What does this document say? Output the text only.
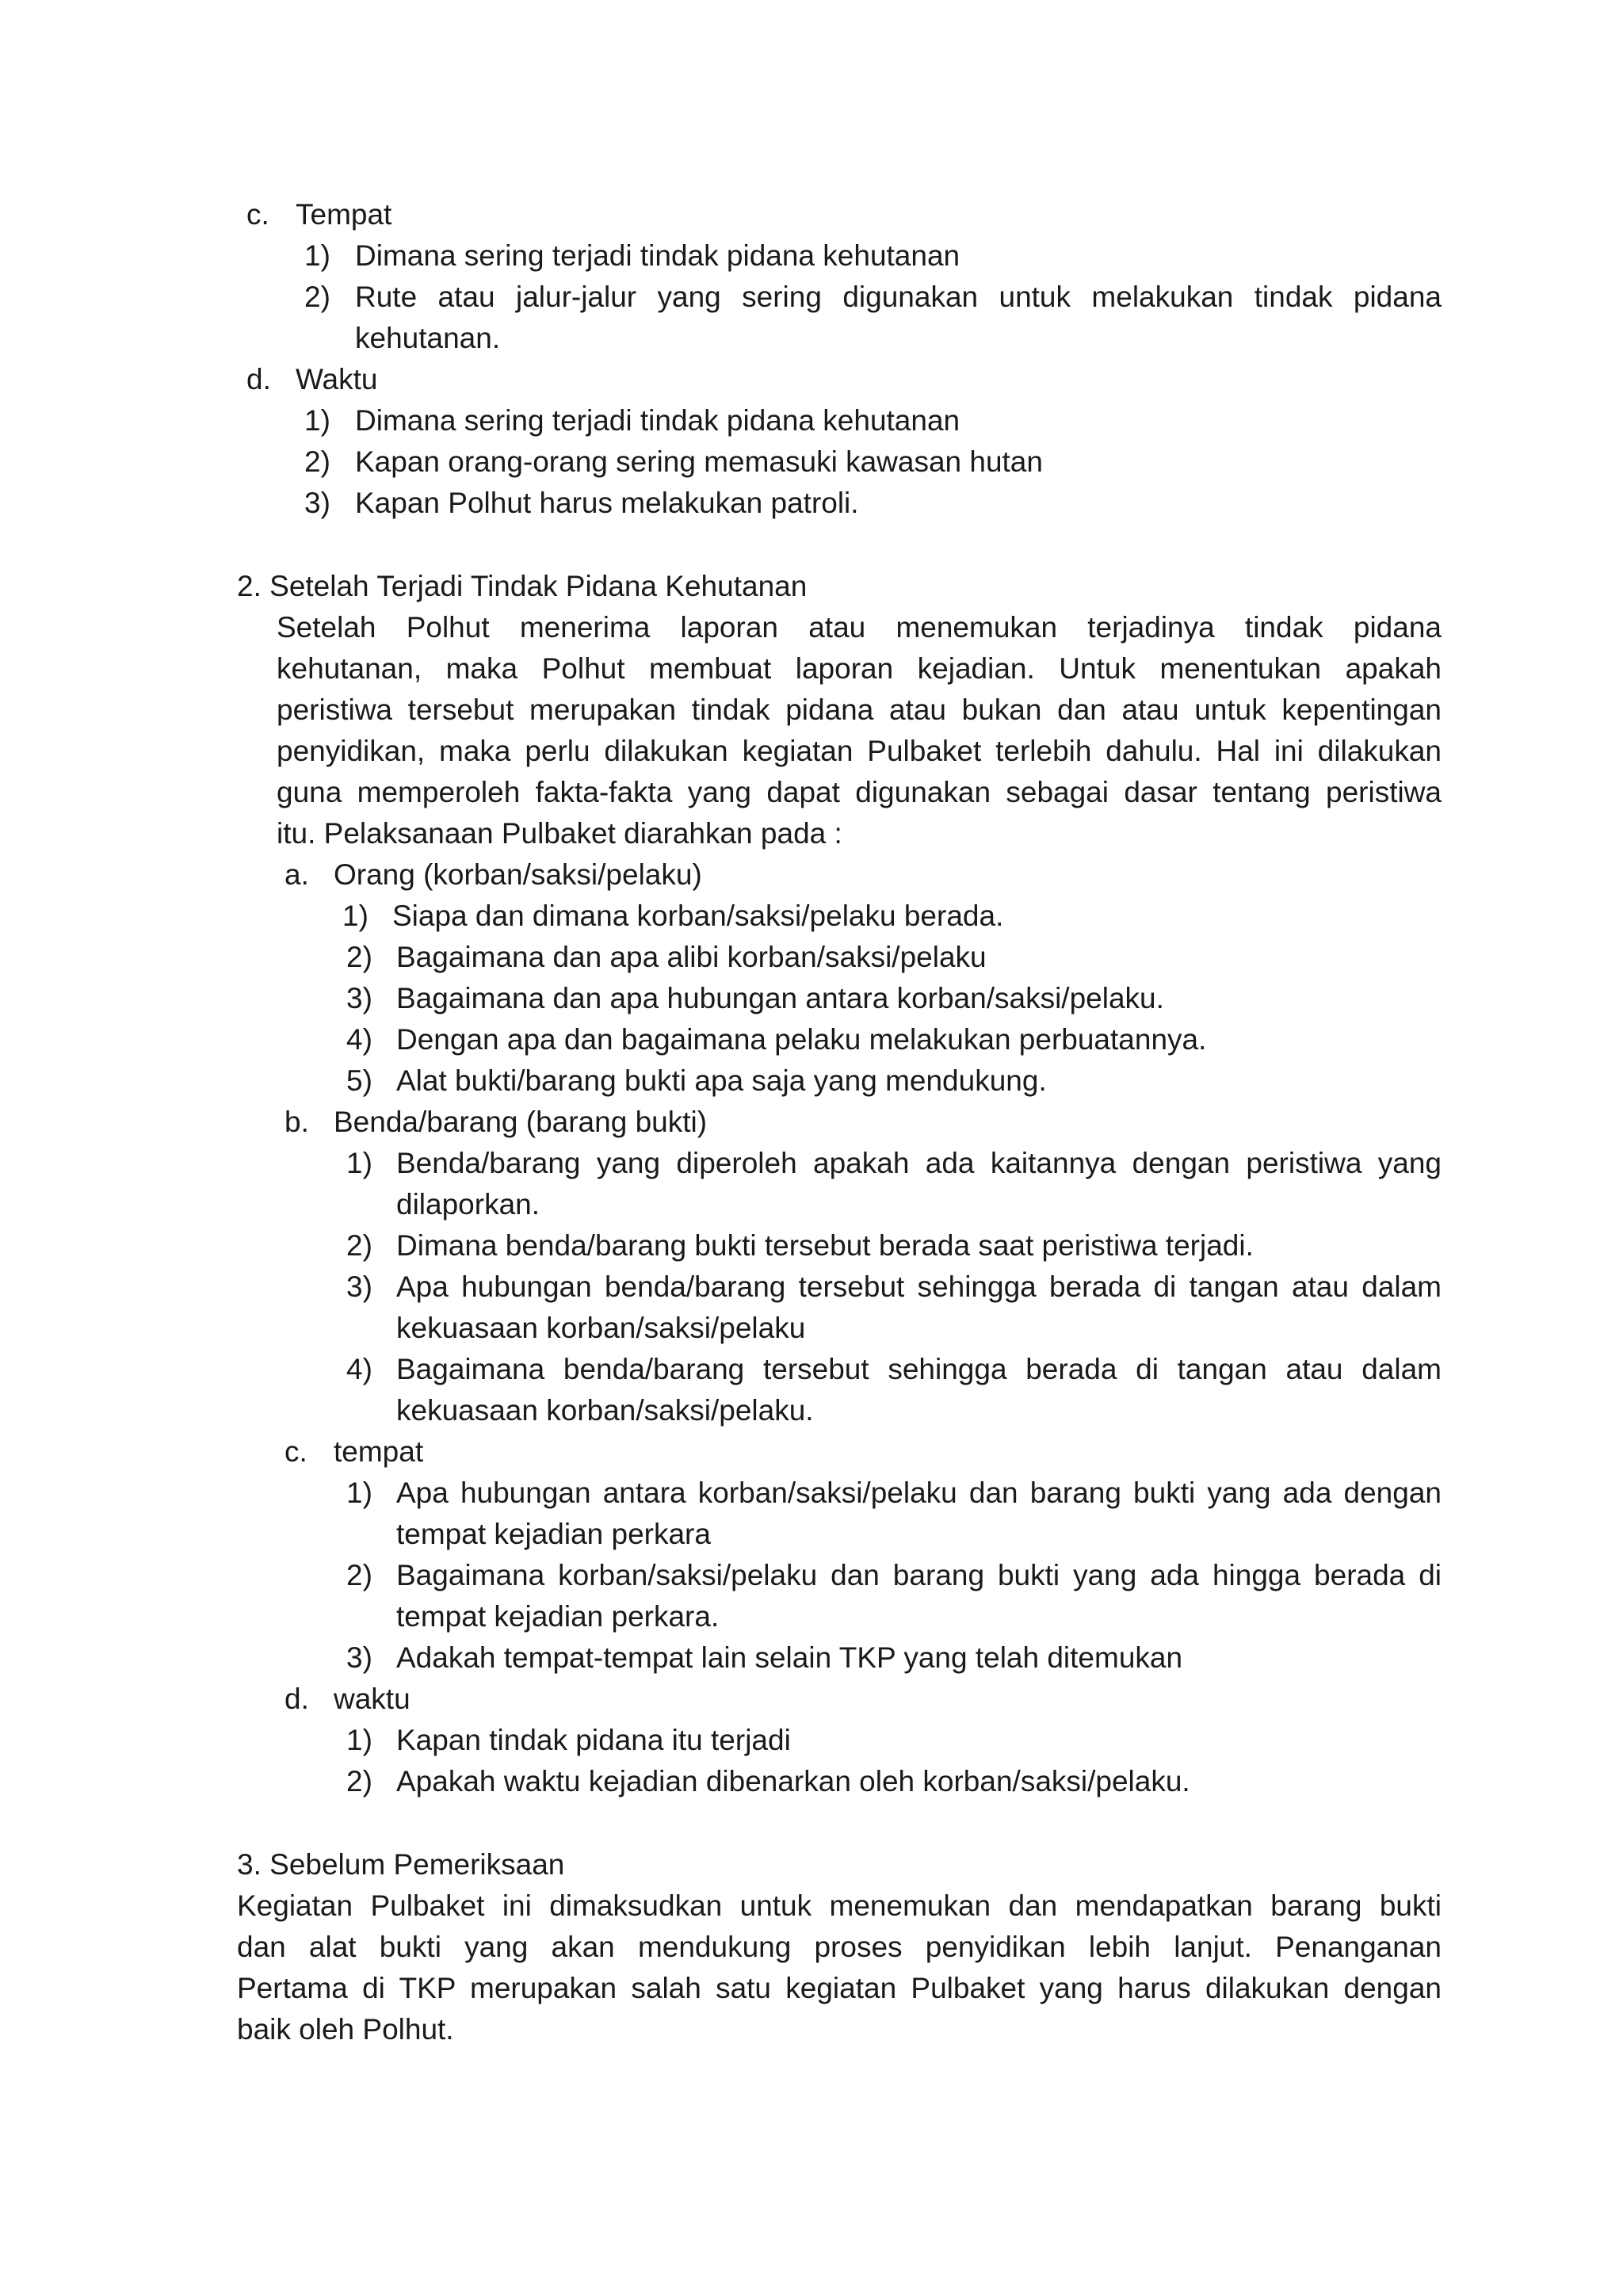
c. Tempat
1) Dimana sering terjadi tindak pidana kehutanan
2) Rute atau jalur-jalur yang sering digunakan untuk melakukan tindak pidana
kehutanan.
d. Waktu
1) Dimana sering terjadi tindak pidana kehutanan
2) Kapan orang-orang sering memasuki kawasan hutan
3) Kapan Polhut harus melakukan patroli.
2. Setelah Terjadi Tindak Pidana Kehutanan
Setelah Polhut menerima laporan atau menemukan terjadinya tindak pidana
kehutanan, maka Polhut membuat laporan kejadian. Untuk menentukan apakah
peristiwa tersebut merupakan tindak pidana atau bukan dan atau untuk kepentingan
penyidikan, maka perlu dilakukan kegiatan Pulbaket terlebih dahulu. Hal ini dilakukan
guna memperoleh fakta-fakta yang dapat digunakan sebagai dasar tentang peristiwa
itu. Pelaksanaan Pulbaket diarahkan pada :
a. Orang (korban/saksi/pelaku)
1) Siapa dan dimana korban/saksi/pelaku berada.
2) Bagaimana dan apa alibi korban/saksi/pelaku
3) Bagaimana dan apa hubungan antara korban/saksi/pelaku.
4) Dengan apa dan bagaimana pelaku melakukan perbuatannya.
5) Alat bukti/barang bukti apa saja yang mendukung.
b. Benda/barang (barang bukti)
1) Benda/barang yang diperoleh apakah ada kaitannya dengan peristiwa yang
dilaporkan.
2) Dimana benda/barang bukti tersebut berada saat peristiwa terjadi.
3) Apa hubungan benda/barang tersebut sehingga berada di tangan atau dalam
kekuasaan korban/saksi/pelaku
4) Bagaimana benda/barang tersebut sehingga berada di tangan atau dalam
kekuasaan korban/saksi/pelaku.
c. tempat
1) Apa hubungan antara korban/saksi/pelaku dan barang bukti yang ada dengan
tempat kejadian perkara
2) Bagaimana korban/saksi/pelaku dan barang bukti yang ada hingga berada di
tempat kejadian perkara.
3) Adakah tempat-tempat lain selain TKP yang telah ditemukan
d. waktu
1) Kapan tindak pidana itu terjadi
2) Apakah waktu kejadian dibenarkan oleh korban/saksi/pelaku.
3. Sebelum Pemeriksaan
Kegiatan Pulbaket ini dimaksudkan untuk menemukan dan mendapatkan barang bukti
dan alat bukti yang akan mendukung proses penyidikan lebih lanjut. Penanganan
Pertama di TKP merupakan salah satu kegiatan Pulbaket yang harus dilakukan dengan
baik oleh Polhut.
